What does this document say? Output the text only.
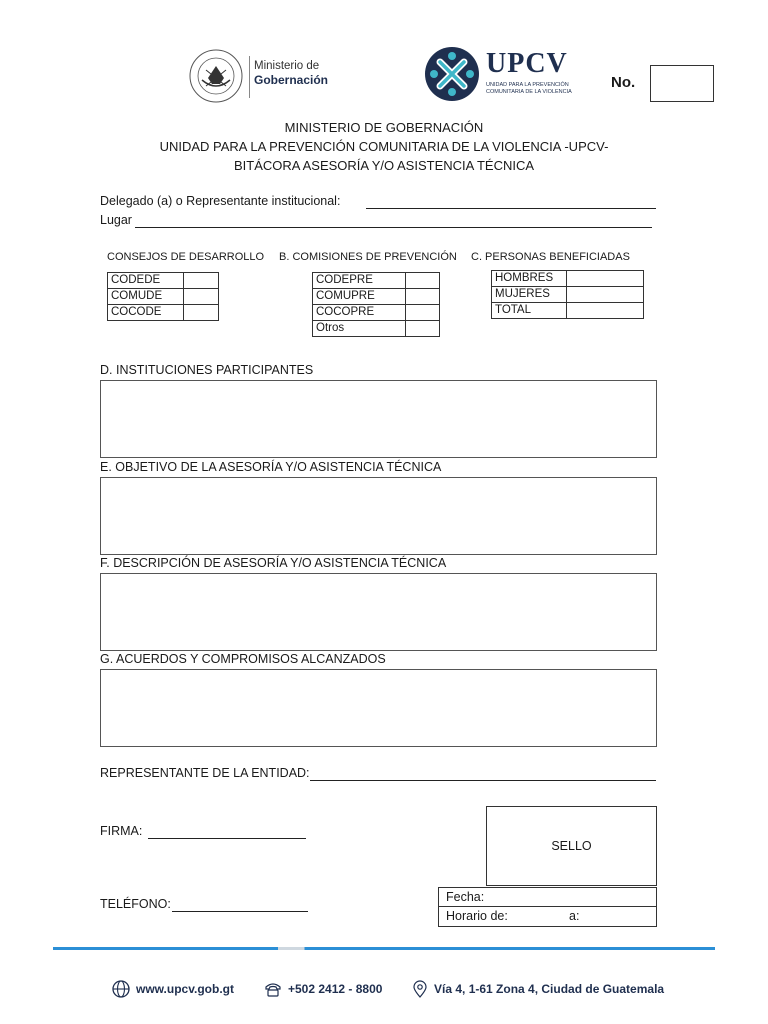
Ministerio de
Gobernación
UPCV
UNIDAD PARA LA PREVENCIÓN
COMUNITARIA DE LA VIOLENCIA
No.
MINISTERIO DE GOBERNACIÓN
UNIDAD PARA LA PREVENCIÓN COMUNITARIA DE LA VIOLENCIA -UPCV-
BITÁCORA ASESORÍA Y/O ASISTENCIA TÉCNICA
Delegado (a) o Representante institucional:
Lugar
CONSEJOS DE DESARROLLO B. COMISIONES DE PREVENCIÓN C. PERSONAS BENEFICIADAS
CODEDE	
COMUDE	
COCODE	
CODEPRE	
COMUPRE	
COCOPRE	
Otros	
HOMBRES	
MUJERES	
TOTAL	
D. INSTITUCIONES PARTICIPANTES
E. OBJETIVO DE LA ASESORÍA Y/O ASISTENCIA TÉCNICA
F. DESCRIPCIÓN DE ASESORÍA Y/O ASISTENCIA TÉCNICA
G. ACUERDOS Y COMPROMISOS ALCANZADOS
REPRESENTANTE DE LA ENTIDAD:
FIRMA:
TELÉFONO:
SELLO
Fecha:
Horario de:	a:
www.upcv.gob.gt	+502 2412 - 8800	Vía 4, 1-61 Zona 4, Ciudad de Guatemala
